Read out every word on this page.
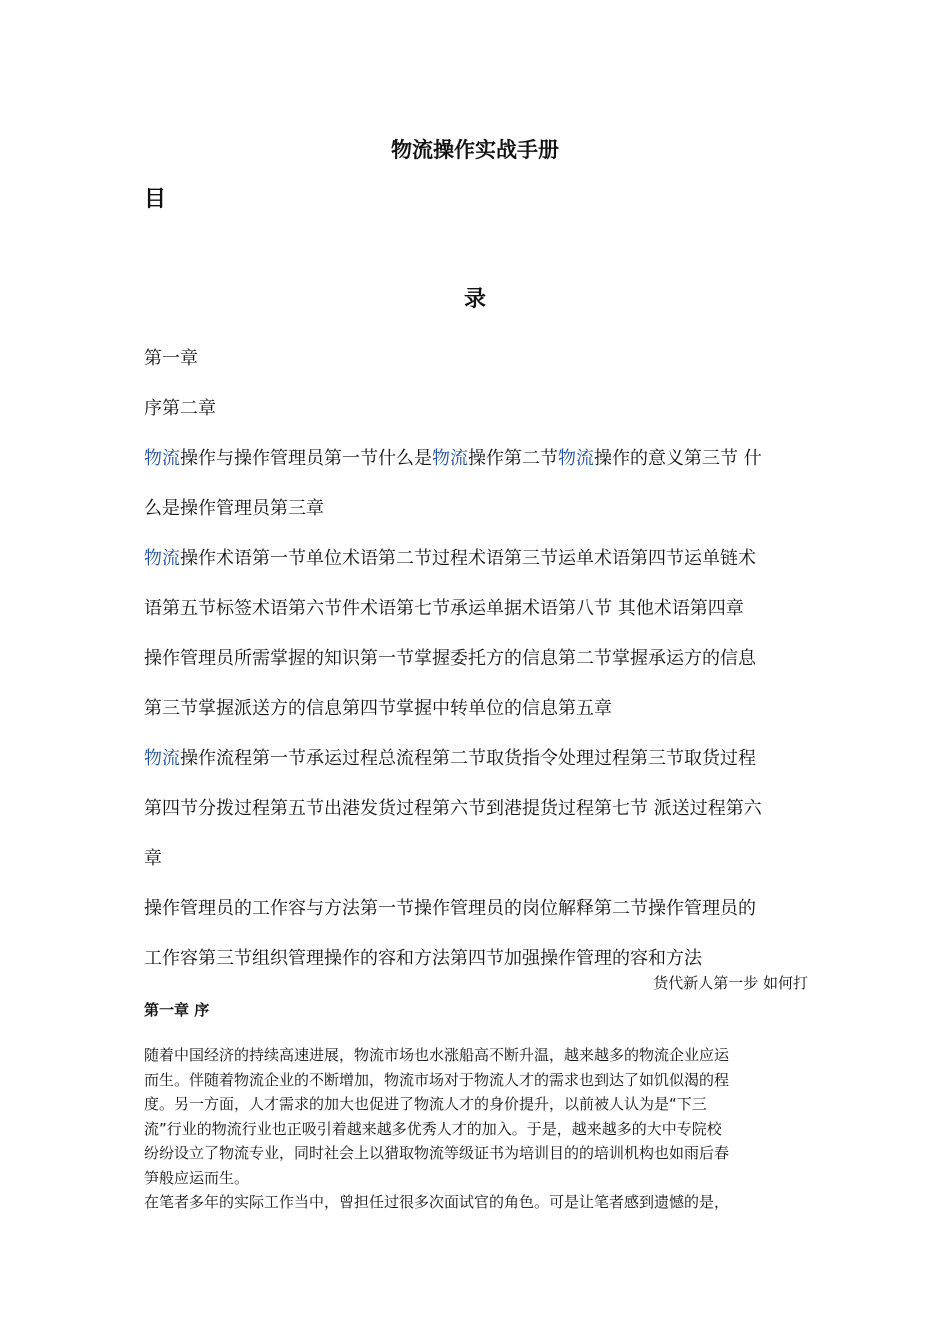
物流操作实战手册
目
录
第一章
序第二章
物流操作与操作管理员第一节什么是物流操作第二节物流操作的意义第三节 什
么是操作管理员第三章
物流操作术语第一节单位术语第二节过程术语第三节运单术语第四节运单链术
语第五节标签术语第六节件术语第七节承运单据术语第八节 其他术语第四章
操作管理员所需掌握的知识第一节掌握委托方的信息第二节掌握承运方的信息
第三节掌握派送方的信息第四节掌握中转单位的信息第五章
物流操作流程第一节承运过程总流程第二节取货指令处理过程第三节取货过程
第四节分拨过程第五节出港发货过程第六节到港提货过程第七节 派送过程第六
章
操作管理员的工作容与方法第一节操作管理员的岗位解释第二节操作管理员的
工作容第三节组织管理操作的容和方法第四节加强操作管理的容和方法
货代新人第一步 如何打
第一章 序
随着中国经济的持续高速进展，物流市场也水涨船高不断升温，越来越多的物流企业应运
而生。伴随着物流企业的不断增加，物流市场对于物流人才的需求也到达了如饥似渴的程
度。另一方面，人才需求的加大也促进了物流人才的身价提升，以前被人认为是“下三
流”行业的物流行业也正吸引着越来越多优秀人才的加入。于是，越来越多的大中专院校
纷纷设立了物流专业，同时社会上以猎取物流等级证书为培训目的的培训机构也如雨后春
笋般应运而生。
在笔者多年的实际工作当中，曾担任过很多次面试官的角色。可是让笔者感到遗憾的是，
